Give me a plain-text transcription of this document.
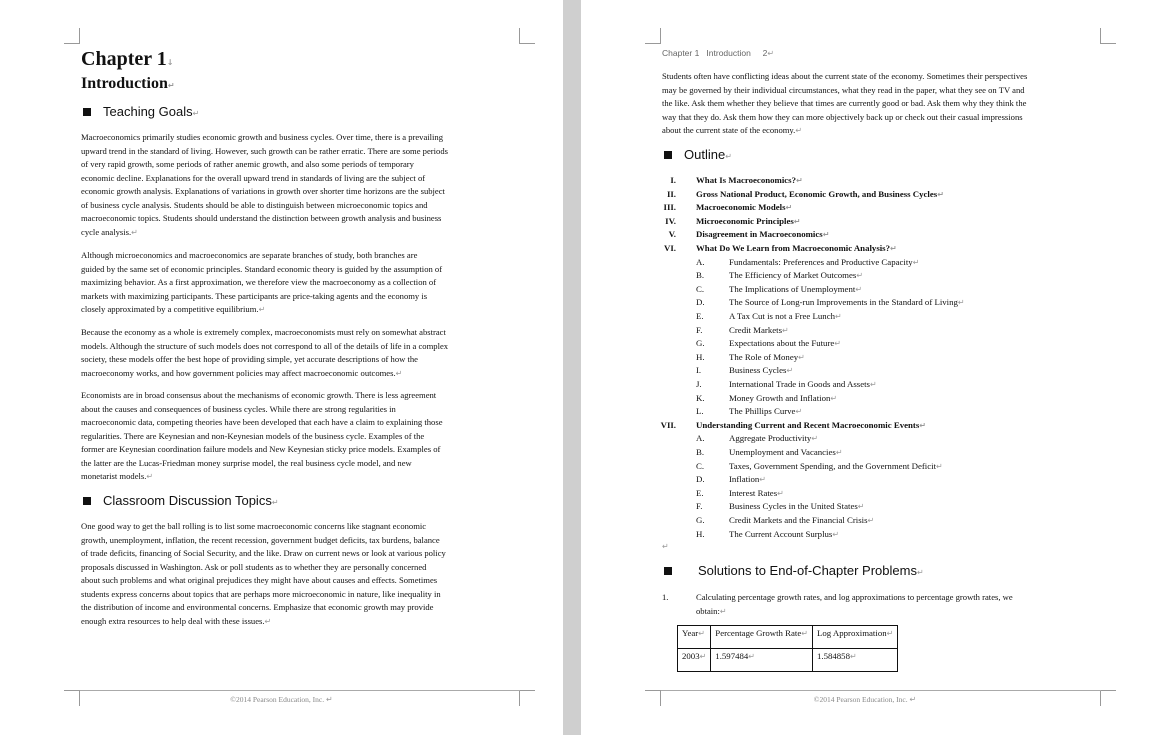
Chapter 1↓
Introduction↵
Teaching Goals↵
Macroeconomics primarily studies economic growth and business cycles. Over time, there is a prevailing
upward trend in the standard of living. However, such growth can be rather erratic. There are some periods
of very rapid growth, some periods of rather anemic growth, and also some periods of temporary
economic decline. Explanations for the overall upward trend in standards of living are the subject of
economic growth analysis. Explanations of variations in growth over shorter time horizons are the subject
of business cycle analysis. Students should be able to distinguish between microeconomic topics and
macroeconomic topics. Students should understand the distinction between growth analysis and business
cycle analysis.↵
Although microeconomics and macroeconomics are separate branches of study, both branches are
guided by the same set of economic principles. Standard economic theory is guided by the assumption of
maximizing behavior. As a first approximation, we therefore view the macroeconomy as a collection of
markets with maximizing participants. These participants are price-taking agents and the economy is
closely approximated by a competitive equilibrium.↵
Because the economy as a whole is extremely complex, macroeconomists must rely on somewhat abstract
models. Although the structure of such models does not correspond to all of the details of life in a complex
society, these models offer the best hope of providing simple, yet accurate descriptions of how the
macroeconomy works, and how government policies may affect macroeconomic outcomes.↵
Economists are in broad consensus about the mechanisms of economic growth. There is less agreement
about the causes and consequences of business cycles. While there are strong regularities in
macroeconomic data, competing theories have been developed that each have a claim to explaining those
regularities. There are Keynesian and non-Keynesian models of the business cycle. Examples of the
former are Keynesian coordination failure models and New Keynesian sticky price models. Examples of
the latter are the Lucas-Friedman money surprise model, the real business cycle model, and new
monetarist models.↵
Classroom Discussion Topics↵
One good way to get the ball rolling is to list some macroeconomic concerns like stagnant economic
growth, unemployment, inflation, the recent recession, government budget deficits, tax burdens, balance
of trade deficits, financing of Social Security, and the like. Draw on current news or look at various policy
proposals discussed in Washington. Ask or poll students as to whether they are personally concerned
about such problems and what original prejudices they might have about causes and effects. Sometimes
students express concerns about topics that are perhaps more microeconomic in nature, like inequality in
the distribution of income and environmental concerns. Emphasize that economic growth may provide
enough extra resources to help deal with these issues.↵
©2014 Pearson Education, Inc. ↵
Chapter 1   Introduction     2↵
Students often have conflicting ideas about the current state of the economy. Sometimes their perspectives
may be governed by their individual circumstances, what they read in the paper, what they see on TV and
the like. Ask them whether they believe that times are currently good or bad. Ask them why they think the
way that they do. Ask them how they can more objectively back up or check out their casual impressions
about the current state of the economy.↵
Outline↵
I. What Is Macroeconomics?↵
II. Gross National Product, Economic Growth, and Business Cycles↵
III. Macroeconomic Models↵
IV. Microeconomic Principles↵
V. Disagreement in Macroeconomics↵
VI. What Do We Learn from Macroeconomic Analysis?↵
A.	Fundamentals: Preferences and Productive Capacity↵
B.	The Efficiency of Market Outcomes↵
C.	The Implications of Unemployment↵
D.	The Source of Long-run Improvements in the Standard of Living↵
E.	A Tax Cut is not a Free Lunch↵
F.	Credit Markets↵
G.	Expectations about the Future↵
H.	The Role of Money↵
I.	Business Cycles↵
J.	International Trade in Goods and Assets↵
K.	Money Growth and Inflation↵
L.	The Phillips Curve↵
VII. Understanding Current and Recent Macroeconomic Events↵
A.	Aggregate Productivity↵
B.	Unemployment and Vacancies↵
C.	Taxes, Government Spending, and the Government Deficit↵
D.	Inflation↵
E.	Interest Rates↵
F.	Business Cycles in the United States↵
G.	Credit Markets and the Financial Crisis↵
H.	The Current Account Surplus↵
↵
Solutions to End-of-Chapter Problems↵
1.	Calculating percentage growth rates, and log approximations to percentage growth rates, we
obtain:↵
Year↵	Percentage Growth Rate↵	Log Approximation↵
2003↵	1.597484↵	1.584858↵
©2014 Pearson Education, Inc. ↵
